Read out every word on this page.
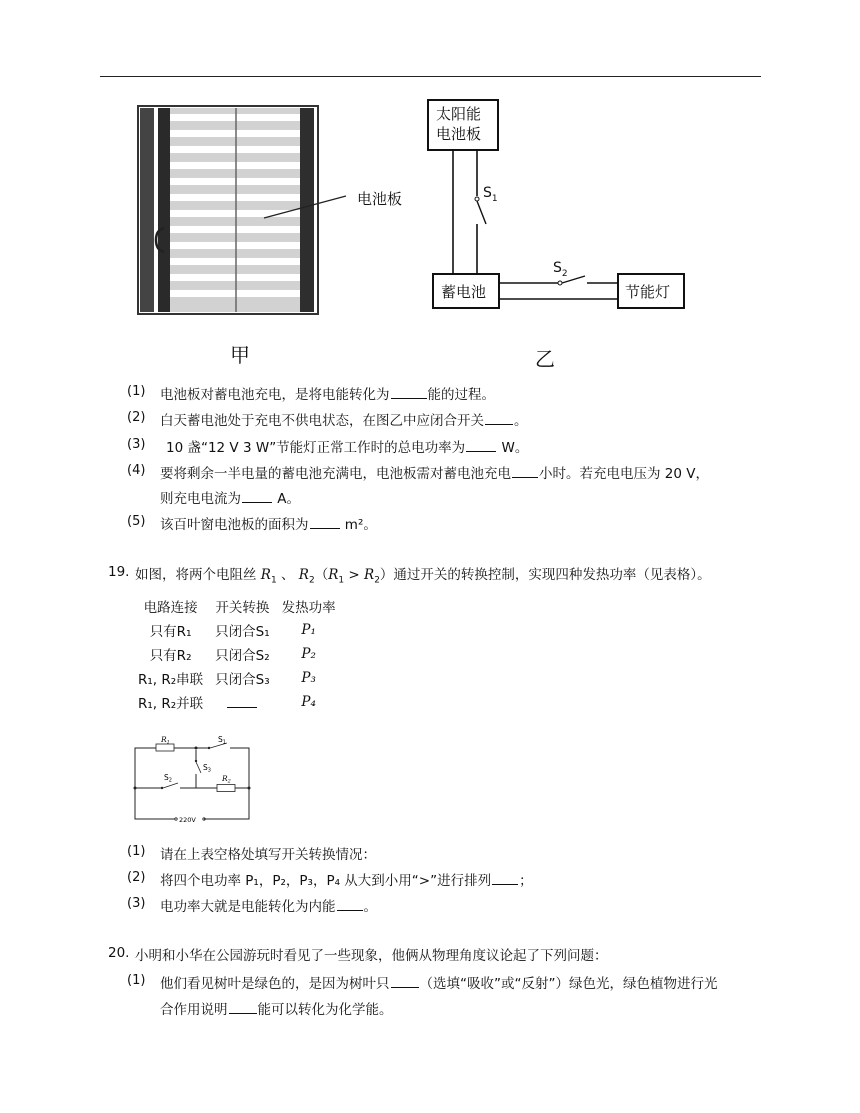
电池板
甲
太阳能
电池板
蓄电池	节能灯
$S_1$
$S_2$
乙
(1) 电池板对蓄电池充电，是将电能转化为	能的过程。
(2) 白天蓄电池处于充电不供电状态，在图乙中应闭合开关 。
(3) 10 盏“12 V 3 W”节能灯正常工作时的总电功率为 W。
(4) 要将剩余一半电量的蓄电池充满电，电池板需对蓄电池充电 小时。若充电电压为 20 V，
则充电电流为 A。
(5) 该百叶窗电池板的面积为 m²。
19. 如图，将两个电阻丝 $R_1$ 、 $R_2(R_1 > R_2)$通过开关的转换控制，实现四种发热功率（见表格）。
电路连接	开关转换	发热功率
只有R₁	只闭合S₁	P₁
只有R₂	只闭合S₂	P₂
R₁, R₂串联	只闭合S₃	P₃
R₁, R₂并联		P₄
$R_1$	$S_1$
$S_2$
$S_3$
$R_2$
220V
(1) 请在上表空格处填写开关转换情况：
(2) 将四个电功率 P₁，P₂，P₃，P₄ 从大到小用“>”进行排列 ；
(3) 电功率大就是电能转化为内能 。
20. 小明和小华在公园游玩时看见了一些现象，他俩从物理角度议论起了下列问题：
(1) 他们看见树叶是绿色的，是因为树叶只 （选填“吸收”或“反射”）绿色光，绿色植物进行光
合作用说明 能可以转化为化学能。
